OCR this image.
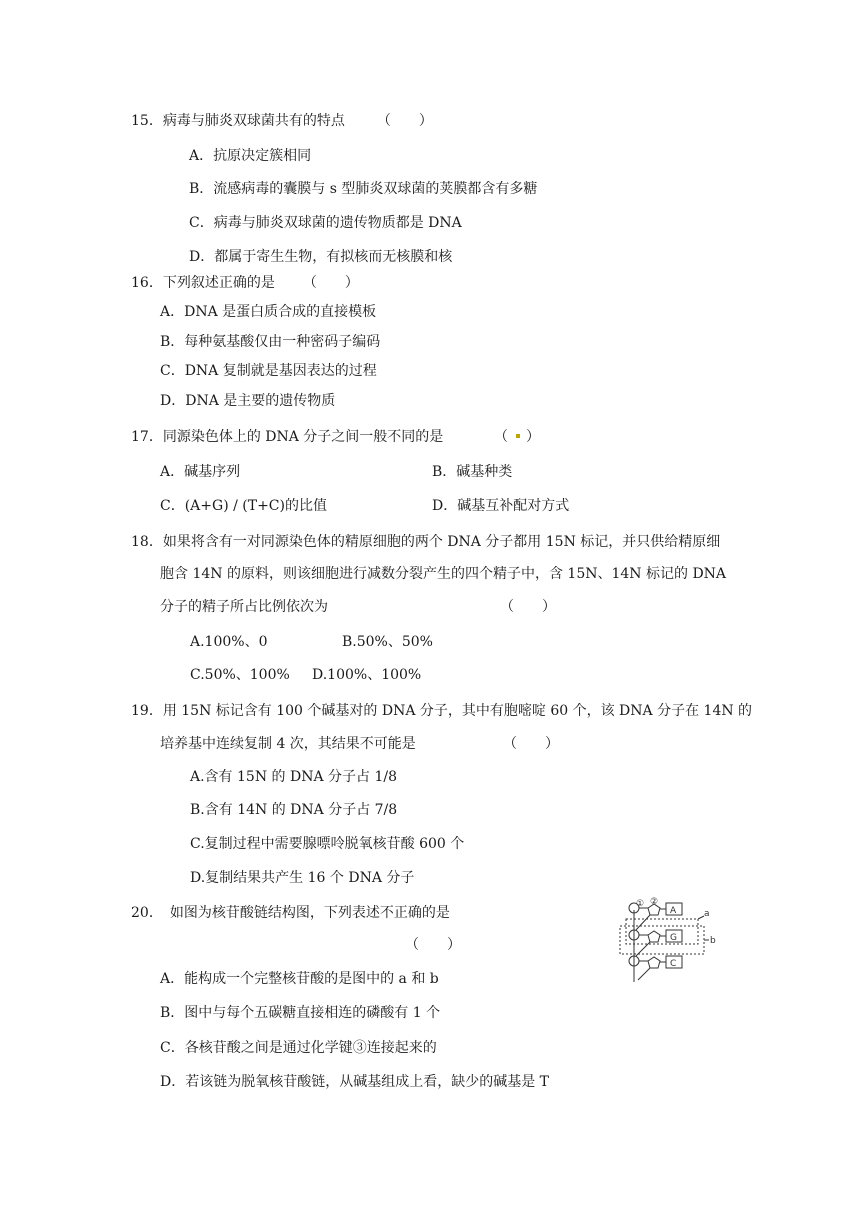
15．病毒与肺炎双球菌共有的特点 （　　）
A．抗原决定簇相同
B．流感病毒的囊膜与 s 型肺炎双球菌的荚膜都含有多糖
C．病毒与肺炎双球菌的遗传物质都是 DNA
D．都属于寄生生物，有拟核而无核膜和核
16．下列叙述正确的是 （　　）
A．DNA 是蛋白质合成的直接模板
B．每种氨基酸仅由一种密码子编码
C．DNA 复制就是基因表达的过程
D．DNA 是主要的遗传物质
17．同源染色体上的 DNA 分子之间一般不同的是	（ ）
A．碱基序列	B．碱基种类
C．(A+G) / (T+C)的比值	D．碱基互补配对方式
18．如果将含有一对同源染色体的精原细胞的两个 DNA 分子都用 15N 标记，并只供给精原细
胞含 14N 的原料，则该细胞进行减数分裂产生的四个精子中，含 15N、14N 标记的 DNA
分子的精子所占比例依次为	（　　）
A.100%、0	B.50%、50%
C.50%、100% D.100%、100%
19．用 15N 标记含有 100 个碱基对的 DNA 分子，其中有胞嘧啶 60 个，该 DNA 分子在 14N 的
培养基中连续复制 4 次，其结果不可能是	（　　）
A.含有 15N 的 DNA 分子占 1/8
B.含有 14N 的 DNA 分子占 7/8
C.复制过程中需要腺嘌呤脱氧核苷酸 600 个
D.复制结果共产生 16 个 DNA 分子
20．　如图为核苷酸链结构图，下列表述不正确的是
（　　）
A．能构成一个完整核苷酸的是图中的 a 和 b
B．图中与每个五碳糖直接相连的磷酸有 1 个
C．各核苷酸之间是通过化学键③连接起来的
D．若该链为脱氧核苷酸链，从碱基组成上看，缺少的碱基是 T
① ②
A
G
C
a
b
